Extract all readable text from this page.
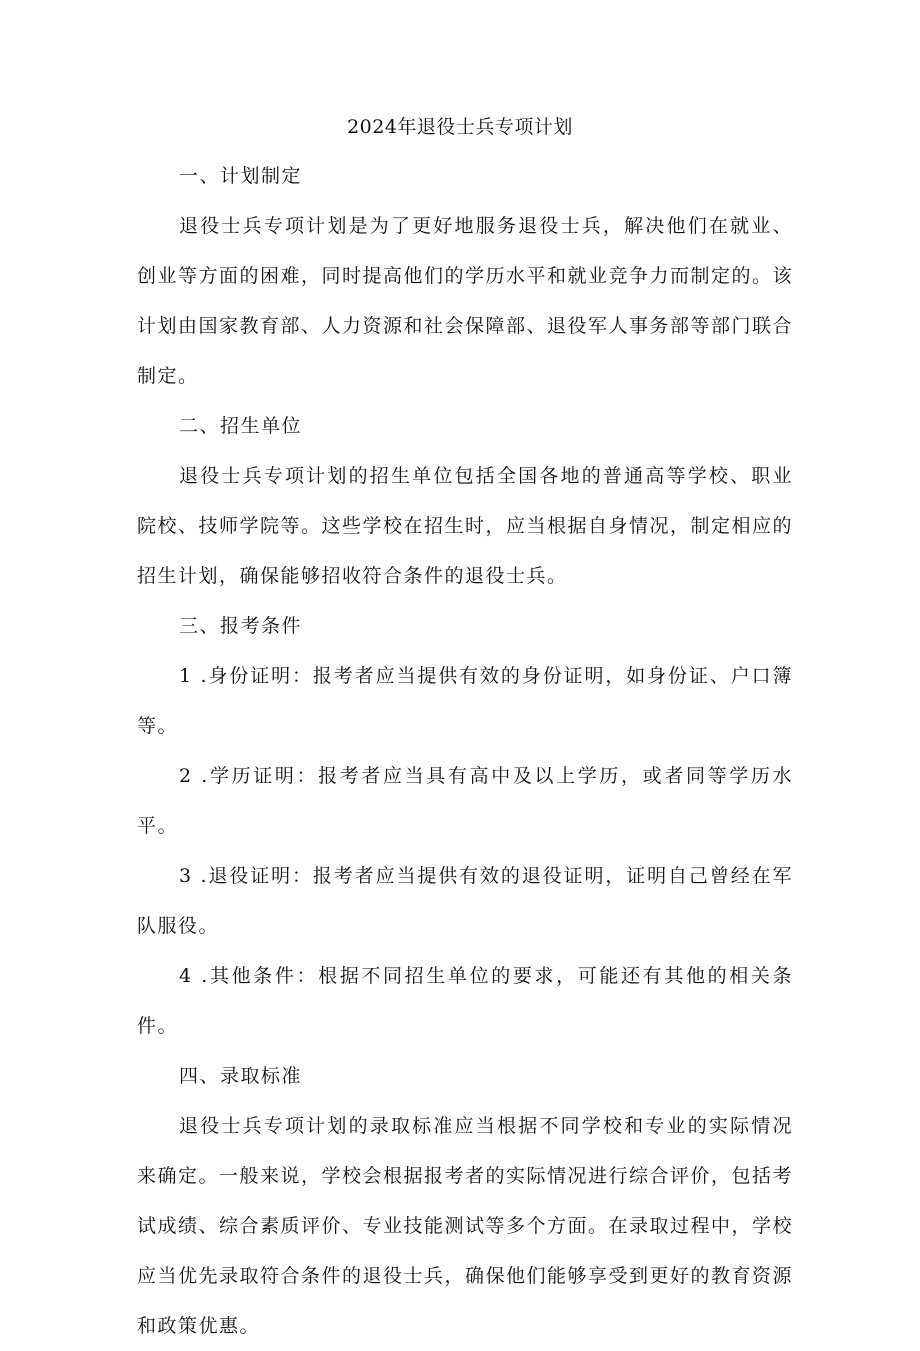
2024年退役士兵专项计划

一、计划制定

退役士兵专项计划是为了更好地服务退役士兵，解决他们在就业、创业等方面的困难，同时提高他们的学历水平和就业竞争力而制定的。该计划由国家教育部、人力资源和社会保障部、退役军人事务部等部门联合制定。

二、招生单位

退役士兵专项计划的招生单位包括全国各地的普通高等学校、职业院校、技师学院等。这些学校在招生时，应当根据自身情况，制定相应的招生计划，确保能够招收符合条件的退役士兵。

三、报考条件

1 .身份证明：报考者应当提供有效的身份证明，如身份证、户口簿等。

2 .学历证明：报考者应当具有高中及以上学历，或者同等学历水平。

3 .退役证明：报考者应当提供有效的退役证明，证明自己曾经在军队服役。

4 .其他条件：根据不同招生单位的要求，可能还有其他的相关条件。

四、录取标准

退役士兵专项计划的录取标准应当根据不同学校和专业的实际情况来确定。一般来说，学校会根据报考者的实际情况进行综合评价，包括考试成绩、综合素质评价、专业技能测试等多个方面。在录取过程中，学校应当优先录取符合条件的退役士兵，确保他们能够享受到更好的教育资源和政策优惠。
